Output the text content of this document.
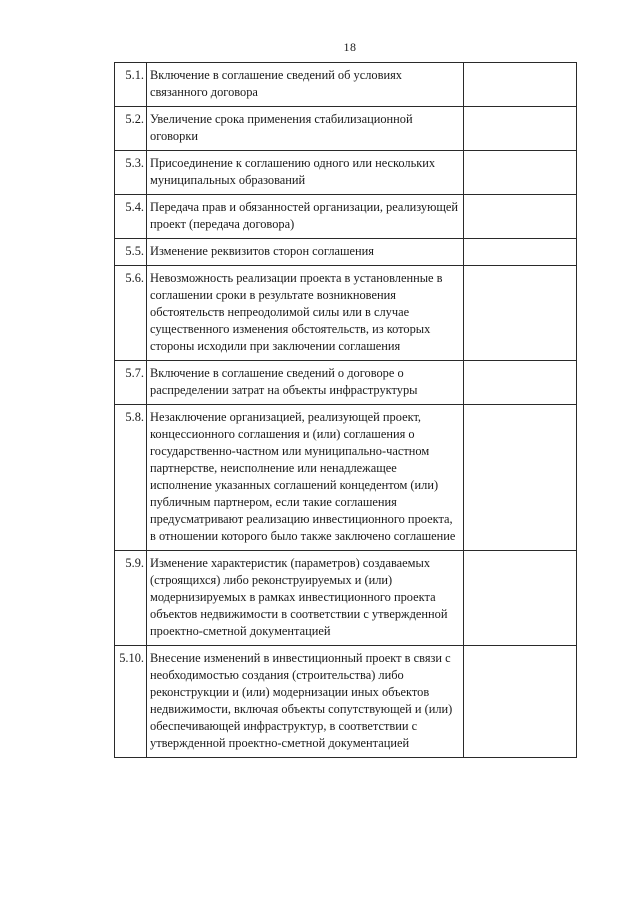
18
5.1.	Включение в соглашение сведений об условиях связанного договора	
5.2.	Увеличение срока применения стабилизационной оговорки	
5.3.	Присоединение к соглашению одного или нескольких муниципальных образований	
5.4.	Передача прав и обязанностей организации, реализующей проект (передача договора)	
5.5.	Изменение реквизитов сторон соглашения	
5.6.	Невозможность реализации проекта в установленные в соглашении сроки в результате возникновения обстоятельств непреодолимой силы или в случае существенного изменения обстоятельств, из которых стороны исходили при заключении соглашения	
5.7.	Включение в соглашение сведений о договоре о распределении затрат на объекты инфраструктуры	
5.8.	Незаключение организацией, реализующей проект, концессионного соглашения и (или) соглашения о государственно-частном или муниципально-частном партнерстве, неисполнение или ненадлежащее исполнение указанных соглашений концедентом (или) публичным партнером, если такие соглашения предусматривают реализацию инвестиционного проекта, в отношении которого было также заключено соглашение	
5.9.	Изменение характеристик (параметров) создаваемых (строящихся) либо реконструируемых и (или) модернизируемых в рамках инвестиционного проекта объектов недвижимости в соответствии с утвержденной проектно-сметной документацией	
5.10.	Внесение изменений в инвестиционный проект в связи с необходимостью создания (строительства) либо реконструкции и (или) модернизации иных объектов недвижимости, включая объекты сопутствующей и (или) обеспечивающей инфраструктур, в соответствии с утвержденной проектно-сметной документацией	
